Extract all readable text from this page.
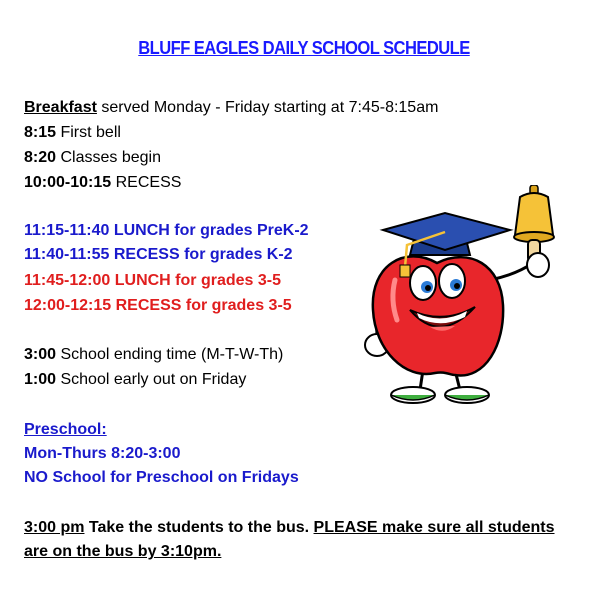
BLUFF EAGLES DAILY SCHOOL SCHEDULE
Breakfast served Monday - Friday starting at 7:45-8:15am
8:15 First bell
8:20 Classes begin
10:00-10:15 RECESS
11:15-11:40 LUNCH for grades PreK-2
11:40-11:55 RECESS for grades K-2
11:45-12:00 LUNCH for grades 3-5
12:00-12:15 RECESS for grades 3-5
3:00 School ending time (M-T-W-Th)
1:00 School early out on Friday
Preschool:
Mon-Thurs 8:20-3:00
NO School for Preschool on Fridays
3:00 pm Take the students to the bus. PLEASE make sure all students
are on the bus by 3:10pm.
